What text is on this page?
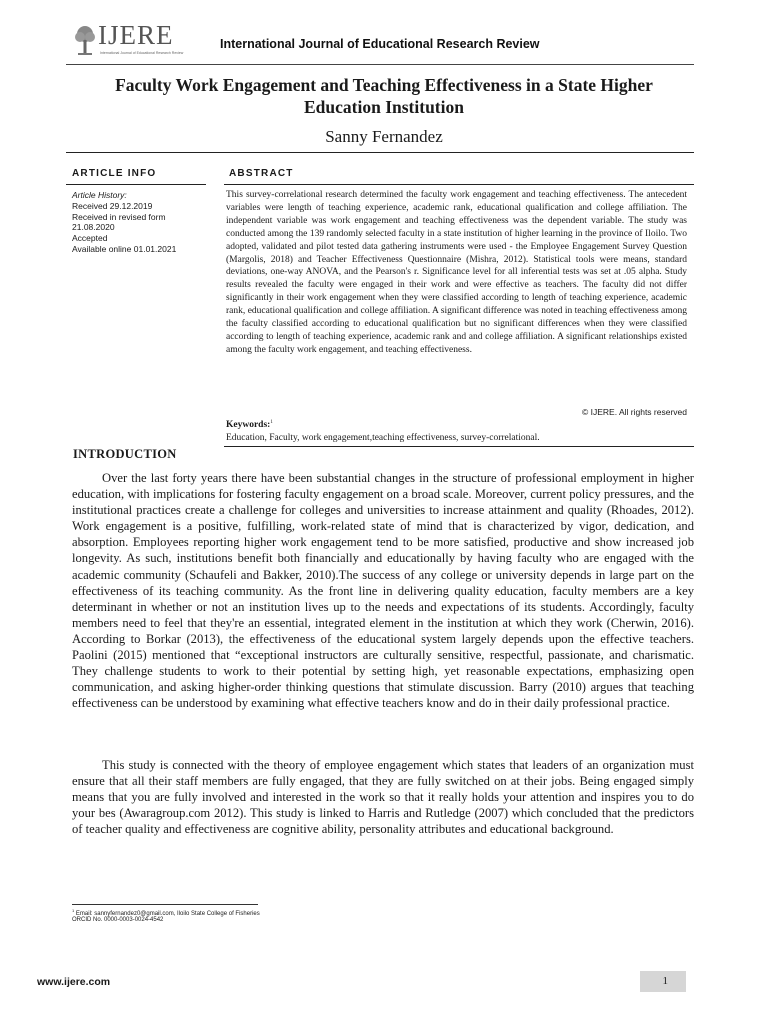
IJERE
International Journal of Educational Research Review
International Journal of Educational Research Review
Faculty Work Engagement and Teaching Effectiveness in a State Higher Education Institution
Sanny Fernandez
ARTICLE INFO	ABSTRACT
Article History:
Received 29.12.2019
Received in revised form 21.08.2020
Accepted
Available online 01.01.2021
This survey-correlational research determined the faculty work engagement and teaching effectiveness. The antecedent variables were length of teaching experience, academic rank, educational qualification and college affiliation. The independent variable was work engagement and teaching effectiveness was the dependent variable. The study was conducted among the 139 randomly selected faculty in a state institution of higher learning in the province of Iloilo. Two adopted, validated and pilot tested data gathering instruments were used - the Employee Engagement Survey Question (Margolis, 2018) and Teacher Effectiveness Questionnaire (Mishra, 2012). Statistical tools were means, standard deviations, one-way ANOVA, and the Pearson's r. Significance level for all inferential tests was set at .05 alpha. Study results revealed the faculty were engaged in their work and were effective as teachers. The faculty did not differ significantly in their work engagement when they were classified according to length of teaching experience, academic rank, educational qualification and college affiliation. A significant difference was noted in teaching effectiveness among the faculty classified according to educational qualification but no significant differences when they were classified according to length of teaching experience, academic rank and and college affiliation. A significant relationships existed among the faculty work engagement, and teaching effectiveness.
© IJERE. All rights reserved
Keywords:$^1$
Education, Faculty, work engagement,teaching effectiveness, survey-correlational.
INTRODUCTION

Over the last forty years there have been substantial changes in the structure of professional employment in higher education, with implications for fostering faculty engagement on a broad scale. Moreover, current policy pressures, and the institutional practices create a challenge for colleges and universities to increase attainment and quality (Rhoades, 2012). Work engagement is a positive, fulfilling, work-related state of mind that is characterized by vigor, dedication, and absorption. Employees reporting higher work engagement tend to be more satisfied, productive and show increased job longevity. As such, institutions benefit both financially and educationally by having faculty who are engaged with the academic community (Schaufeli and Bakker, 2010).The success of any college or university depends in large part on the effectiveness of its teaching community. As the front line in delivering quality education, faculty members are a key determinant in whether or not an institution lives up to the needs and expectations of its students. Accordingly, faculty members need to feel that they're an essential, integrated element in the institution at which they work (Cherwin, 2016). According to Borkar (2013), the effectiveness of the educational system largely depends upon the effective teachers. Paolini (2015) mentioned that “exceptional instructors are culturally sensitive, respectful, passionate, and charismatic. They challenge students to work to their potential by setting high, yet reasonable expectations, emphasizing open communication, and asking higher-order thinking questions that stimulate discussion. Barry (2010) argues that teaching effectiveness can be understood by examining what effective teachers know and do in their daily professional practice.

This study is connected with the theory of employee engagement which states that leaders of an organization must ensure that all their staff members are fully engaged, that they are fully switched on at their jobs. Being engaged simply means that you are fully involved and interested in the work so that it really holds your attention and inspires you to do your bes (Awaragroup.com 2012). This study is linked to Harris and Rutledge (2007) which concluded that the predictors of teacher quality and effectiveness are cognitive ability, personality attributes and educational background.

$^1$ Email: sannyfernandez0@gmail.com, Iloilo State College of Fisheries
ORCID No. 0000-0003-0024-4542
www.ijere.com	1
